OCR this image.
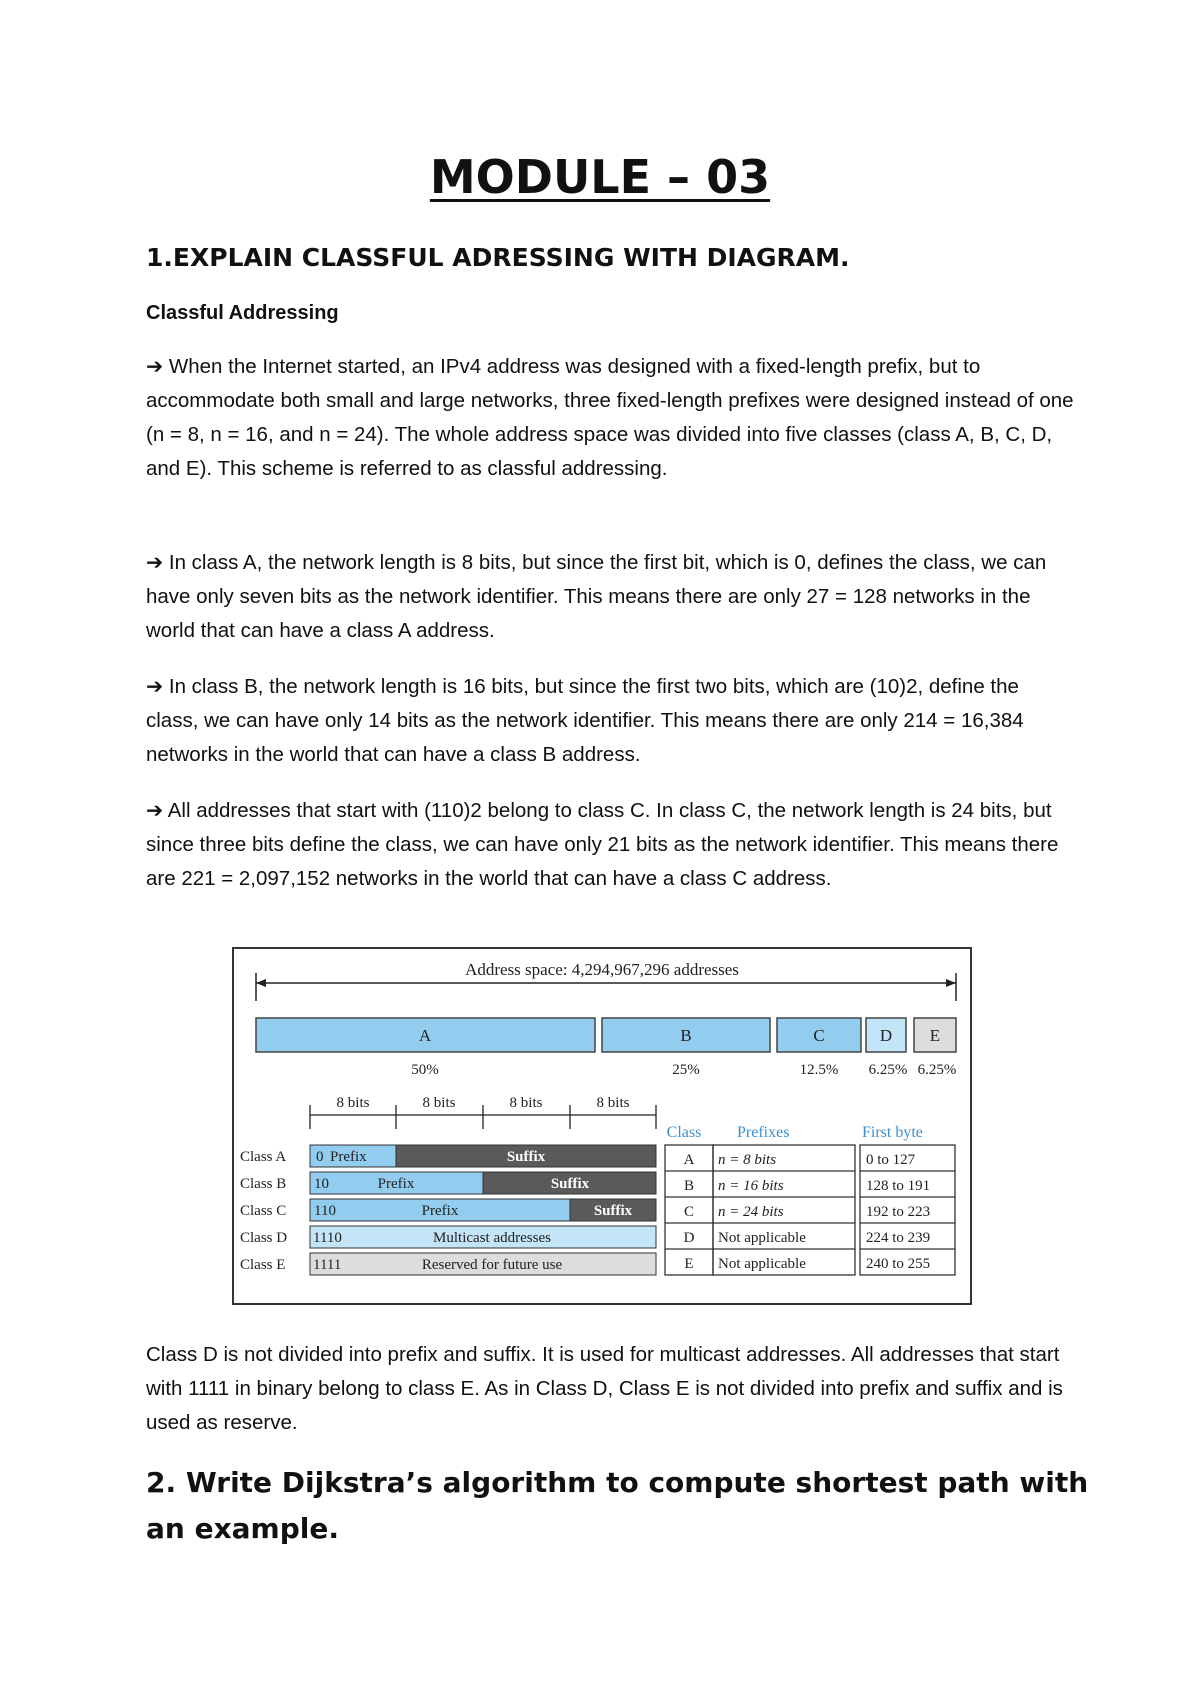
MODULE – 03
1.EXPLAIN CLASSFUL ADRESSING WITH DIAGRAM.
Classful Addressing
➔ When the Internet started, an IPv4 address was designed with a fixed-length prefix, but to accommodate both small and large networks, three fixed-length prefixes were designed instead of one (n = 8, n = 16, and n = 24). The whole address space was divided into five classes (class A, B, C, D, and E). This scheme is referred to as classful addressing.
➔ In class A, the network length is 8 bits, but since the first bit, which is 0, defines the class, we can have only seven bits as the network identifier. This means there are only 27 = 128 networks in the world that can have a class A address.
➔ In class B, the network length is 16 bits, but since the first two bits, which are (10)2, define the class, we can have only 14 bits as the network identifier. This means there are only 214 = 16,384 networks in the world that can have a class B address.
➔ All addresses that start with (110)2 belong to class C. In class C, the network length is 24 bits, but since three bits define the class, we can have only 21 bits as the network identifier. This means there are 221 = 2,097,152 networks in the world that can have a class C address.
Address space: 4,294,967,296 addresses
A
50%
B
25%
C
12.5%
D
6.25%
E
6.25%
8 bits	8 bits	8 bits	8 bits
Class A 0 Prefix	Suffix
Class B 10	Prefix	Suffix
Class C 110	Prefix	Suffix
Class D 1110	Multicast addresses
Class E 1111	Reserved for future use
Class Prefixes	First byte
A n = 8 bits	0 to 127
B n = 16 bits	128 to 191
C n = 24 bits	192 to 223
D Not applicable	224 to 239
E Not applicable	240 to 255
Class D is not divided into prefix and suffix. It is used for multicast addresses. All addresses that start with 1111 in binary belong to class E. As in Class D, Class E is not divided into prefix and suffix and is used as reserve.
2. Write Dijkstra’s algorithm to compute shortest path with an example.
